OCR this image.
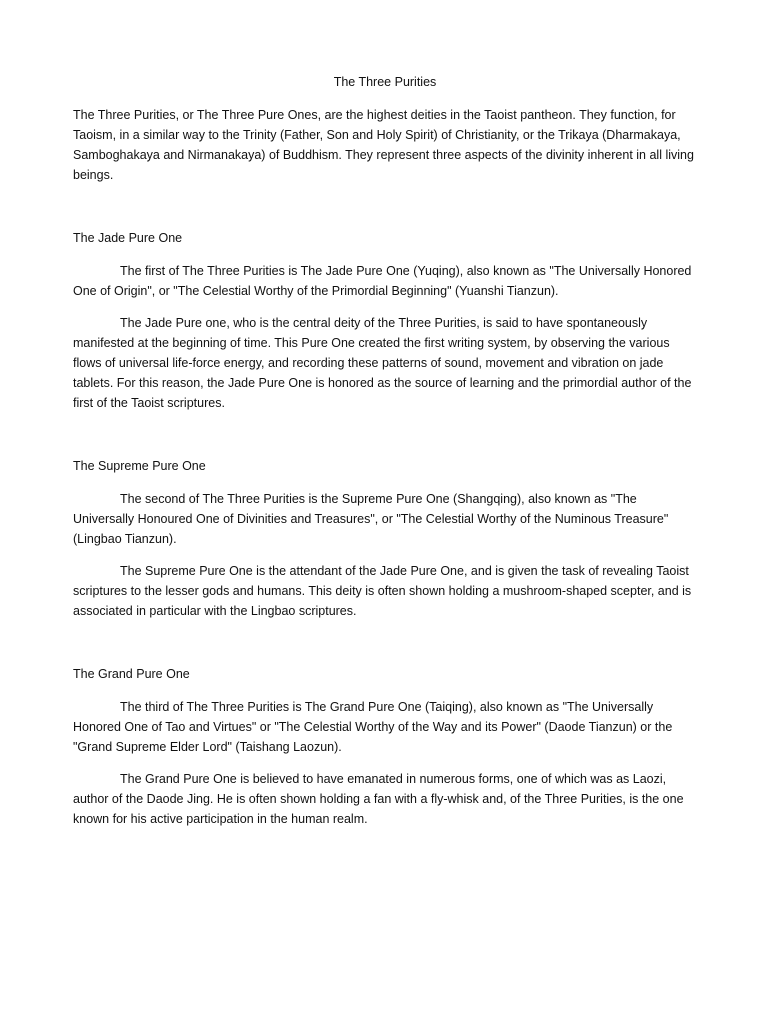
The Three Purities

The Three Purities, or The Three Pure Ones, are the highest deities in the Taoist pantheon. They function, for Taoism, in a similar way to the Trinity (Father, Son and Holy Spirit) of Christianity, or the Trikaya (Dharmakaya, Samboghakaya and Nirmanakaya) of Buddhism. They represent three aspects of the divinity inherent in all living beings.

The Jade Pure One

The first of The Three Purities is The Jade Pure One (Yuqing), also known as "The Universally Honored One of Origin", or "The Celestial Worthy of the Primordial Beginning" (Yuanshi Tianzun).

The Jade Pure one, who is the central deity of the Three Purities, is said to have spontaneously manifested at the beginning of time. This Pure One created the first writing system, by observing the various flows of universal life-force energy, and recording these patterns of sound, movement and vibration on jade tablets. For this reason, the Jade Pure One is honored as the source of learning and the primordial author of the first of the Taoist scriptures.

The Supreme Pure One

The second of The Three Purities is the Supreme Pure One (Shangqing), also known as "The Universally Honoured One of Divinities and Treasures", or "The Celestial Worthy of the Numinous Treasure" (Lingbao Tianzun).

The Supreme Pure One is the attendant of the Jade Pure One, and is given the task of revealing Taoist scriptures to the lesser gods and humans. This deity is often shown holding a mushroom-shaped scepter, and is associated in particular with the Lingbao scriptures.

The Grand Pure One

The third of The Three Purities is The Grand Pure One (Taiqing), also known as "The Universally Honored One of Tao and Virtues" or "The Celestial Worthy of the Way and its Power" (Daode Tianzun) or the "Grand Supreme Elder Lord" (Taishang Laozun).

The Grand Pure One is believed to have emanated in numerous forms, one of which was as Laozi, author of the Daode Jing. He is often shown holding a fan with a fly-whisk and, of the Three Purities, is the one known for his active participation in the human realm.
